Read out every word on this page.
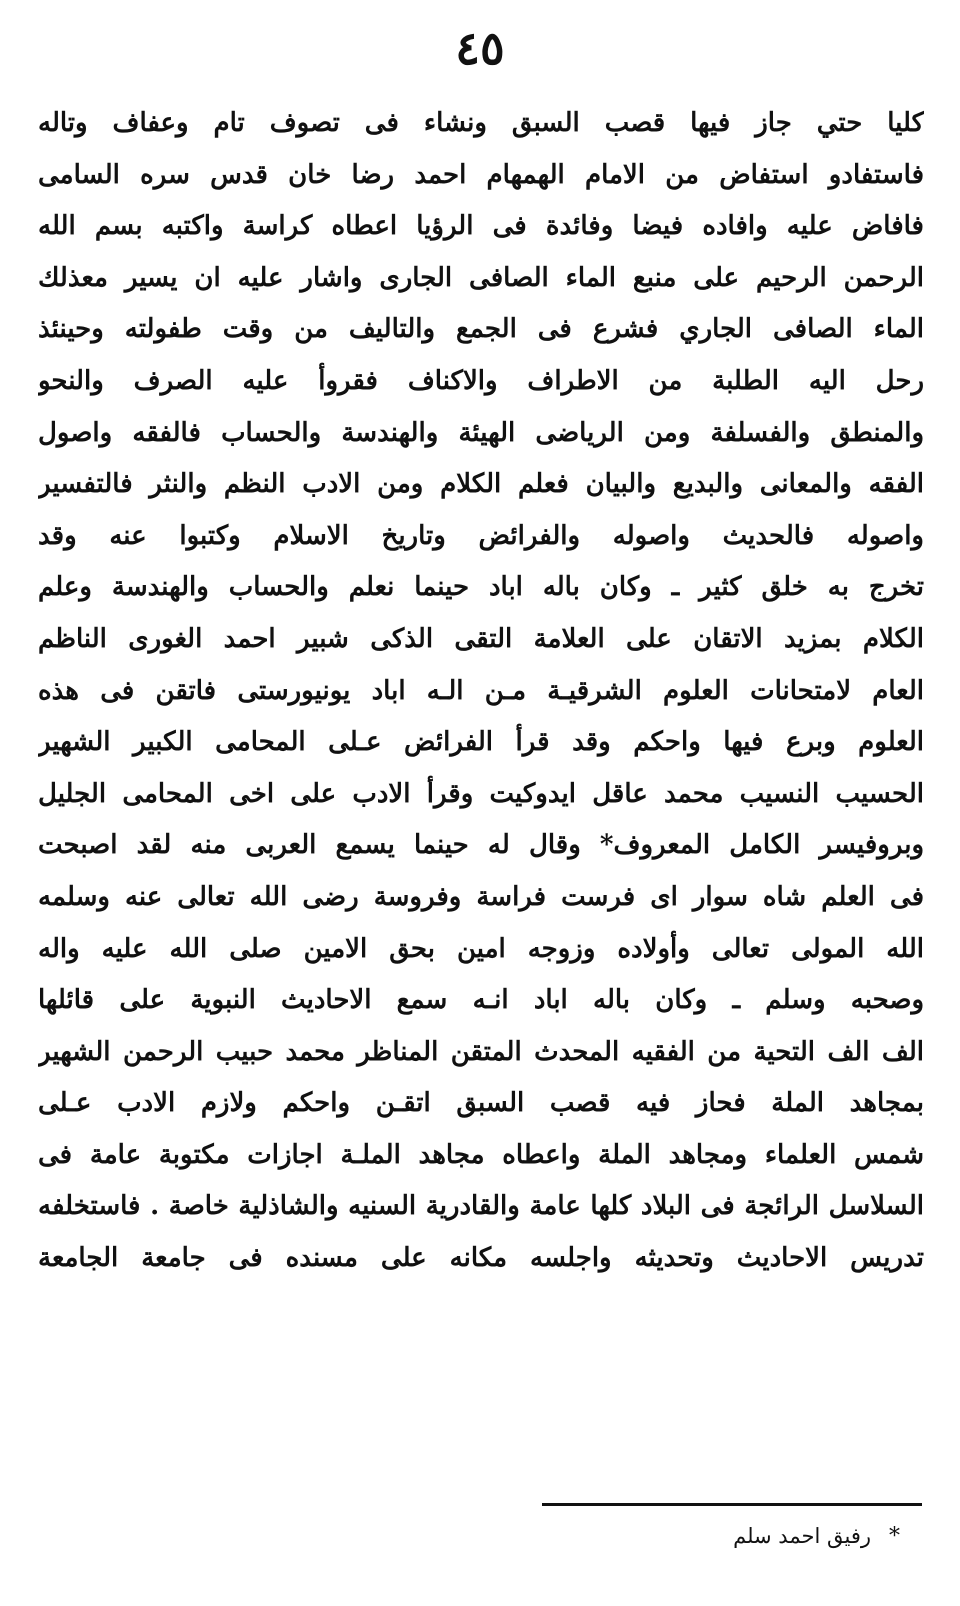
٤٥
كليا حتي جاز فيها قصب السبق ونشاء فى تصوف تام وعفاف وتاله
فاستفادو استفاض من الامام الهمهام احمد رضا خان قدس سره السامى
فافاض عليه وافاده فيضا وفائدة فى الرؤيا اعطاه كراسة واكتبه بسم الله
الرحمن الرحيم على منبع الماء الصافى الجارى واشار عليه ان يسير معذلك
الماء الصافى الجاري فشرع فى الجمع والتاليف من وقت طفولته وحينئذ
رحل اليه الطلبة من الاطراف والاكناف فقروأ عليه الصرف والنحو
والمنطق والفسلفة ومن الرياضى الهيئة والهندسة والحساب فالفقه واصول
الفقه والمعانى والبديع والبيان فعلم الكلام ومن الادب النظم والنثر فالتفسير
واصوله فالحديث واصوله والفرائض وتاريخ الاسلام وكتبوا عنه وقد
تخرج به خلق كثير ـ وكان باله اباد حينما نعلم والحساب والهندسة وعلم
الكلام بمزيد الاتقان على العلامة التقى الذكى شبير احمد الغورى الناظم
العام لامتحانات العلوم الشرقيـة مـن الـه اباد يونيورستى فاتقن فى هذه
العلوم وبرع فيها واحكم وقد قرأ الفرائض عـلى المحامى الكبير الشهير
الحسيب النسيب محمد عاقل ايدوكيت وقرأ الادب على اخى المحامى الجليل
وبروفيسر الكامل المعروف* وقال له حينما يسمع العربى منه لقد اصبحت
فى العلم شاه سوار اى فرست فراسة وفروسة رضى الله تعالى عنه وسلمه
الله المولى تعالى وأولاده وزوجه امين بحق الامين صلى الله عليه واله
وصحبه وسلم ـ وكان باله اباد انـه سمع الاحاديث النبوية على قائلها
الف الف التحية من الفقيه المحدث المتقن المناظر محمد حبيب الرحمن الشهير
بمجاهد الملة فحاز فيه قصب السبق اتقـن واحكم ولازم الادب عـلى
شمس العلماء ومجاهد الملة واعطاه مجاهد الملـة اجازات مكتوبة عامة فى
السلاسل الرائجة فى البلاد كلها عامة والقادرية السنيه والشاذلية خاصة . فاستخلفه
تدريس الاحاديث وتحديثه واجلسه مكانه على مسنده فى جامعة الجامعة
*رفيق احمد سلم
